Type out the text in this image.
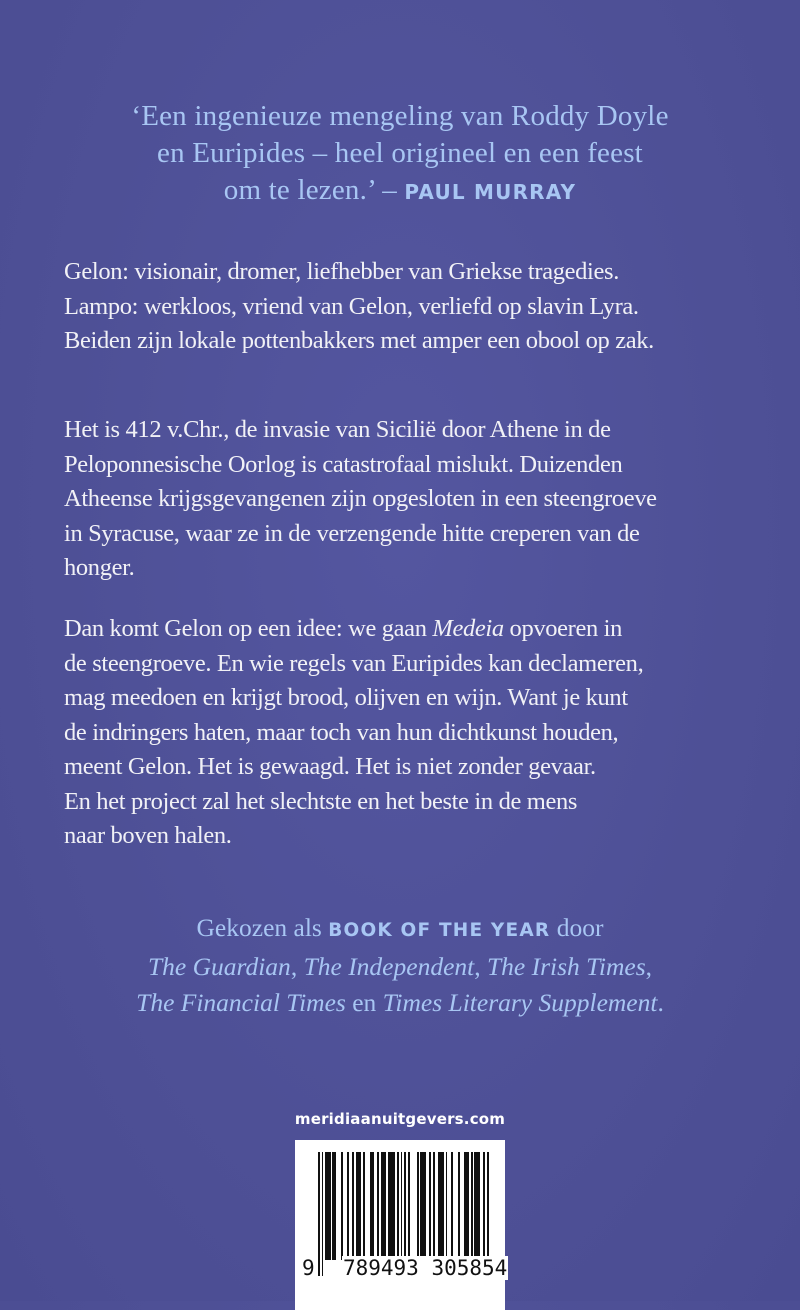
‘Een ingenieuze mengeling van Roddy Doyle
en Euripides – heel origineel en een feest
om te lezen.’ – PAUL MURRAY
Gelon: visionair, dromer, liefhebber van Griekse tragedies.
Lampo: werkloos, vriend van Gelon, verliefd op slavin Lyra.
Beiden zijn lokale pottenbakkers met amper een obool op zak.
Het is 412 v.Chr., de invasie van Sicilië door Athene in de
Peloponnesische Oorlog is catastrofaal mislukt. Duizenden
Atheense krijgsgevangenen zijn opgesloten in een steengroeve
in Syracuse, waar ze in de verzengende hitte creperen van de
honger.
Dan komt Gelon op een idee: we gaan Medeia opvoeren in
de steengroeve. En wie regels van Euripides kan declameren,
mag meedoen en krijgt brood, olijven en wijn. Want je kunt
de indringers haten, maar toch van hun dichtkunst houden,
meent Gelon. Het is gewaagd. Het is niet zonder gevaar.
En het project zal het slechtste en het beste in de mens
naar boven halen.
Gekozen als BOOK OF THE YEAR door
The Guardian, The Independent, The Irish Times,
The Financial Times en Times Literary Supplement.
meridiaanuitgevers.com
9 789493 305854
